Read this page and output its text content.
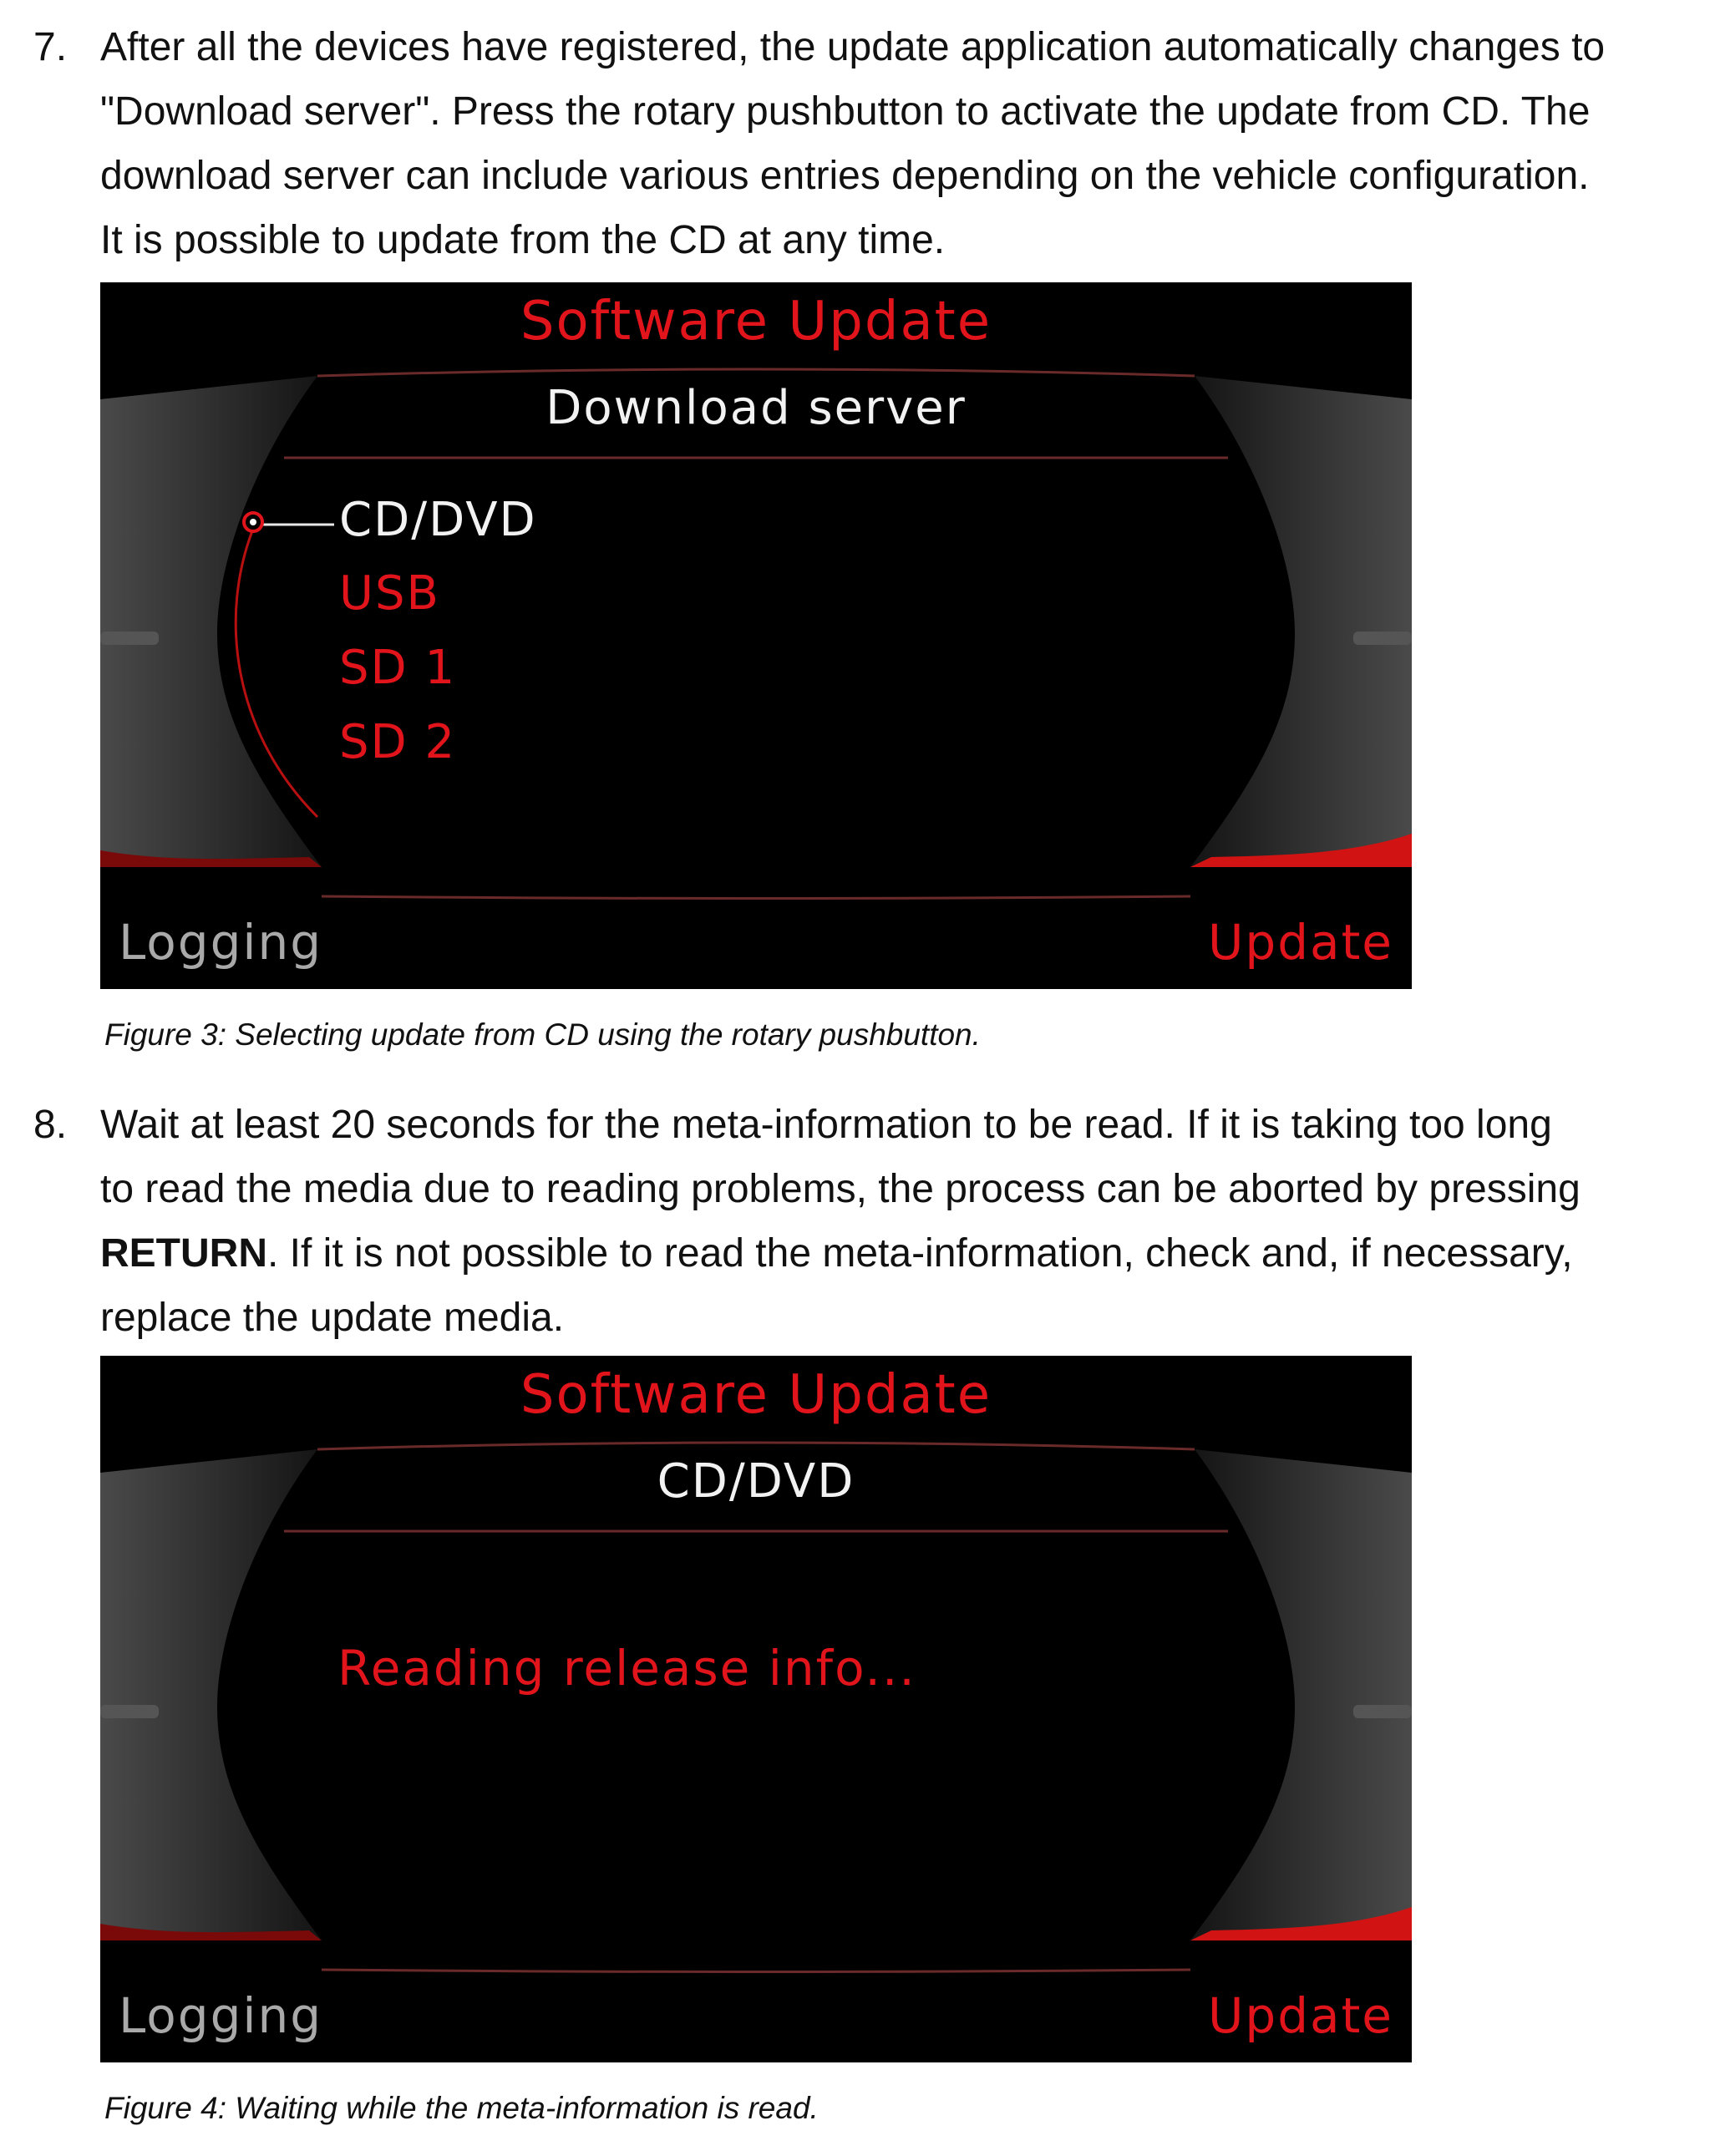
7. After all the devices have registered, the update application automatically changes to
"Download server". Press the rotary pushbutton to activate the update from CD. The
download server can include various entries depending on the vehicle configuration.
It is possible to update from the CD at any time.
Software Update
Download server
CD/DVD
USB
SD 1
SD 2
Logging	Update
Figure 3: Selecting update from CD using the rotary pushbutton.
8. Wait at least 20 seconds for the meta-information to be read. If it is taking too long
to read the media due to reading problems, the process can be aborted by pressing
RETURN. If it is not possible to read the meta-information, check and, if necessary,
replace the update media.
Software Update
CD/DVD
Reading release info...
Logging	Update
Figure 4: Waiting while the meta-information is read.
